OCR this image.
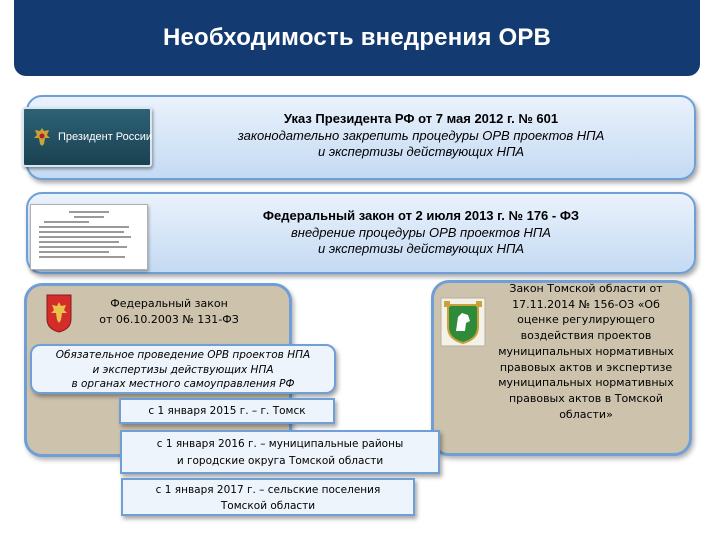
Необходимость внедрения ОРВ
Указ Президента РФ от 7 мая 2012 г. № 601
законодательно закрепить процедуры ОРВ проектов НПА
и экспертизы действующих НПА
Президент России
Федеральный закон от 2 июля 2013 г. № 176 - ФЗ
внедрение процедуры ОРВ проектов НПА
и экспертизы действующих НПА
Федеральный закон
от 06.10.2003 № 131-ФЗ
Закон Томской области от
17.11.2014 № 156-ОЗ «Об
оценке регулирующего
воздействия проектов
муниципальных нормативных
правовых актов и экспертизе
муниципальных нормативных
правовых актов в Томской
области»
Обязательное проведение ОРВ проектов НПА
и экспертизы действующих НПА
в органах местного самоуправления РФ
с 1 января 2015 г. – г. Томск
с 1 января 2016 г. – муниципальные районы
и городские округа Томской области
с 1 января 2017 г. – сельские поселения
Томской области
